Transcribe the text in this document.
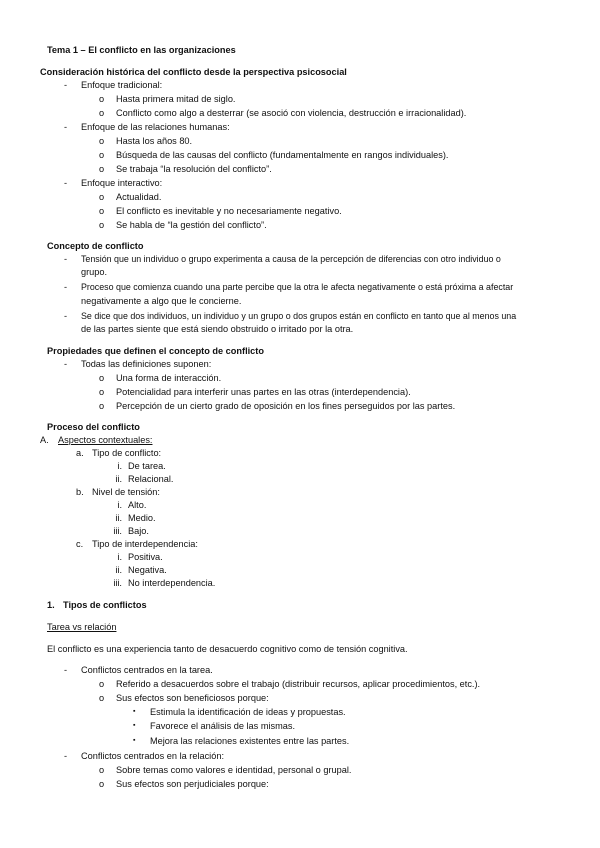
Tema 1 – El conflicto en las organizaciones
Consideración histórica del conflicto desde la perspectiva psicosocial
- Enfoque tradicional:
o Hasta primera mitad de siglo.
o Conflicto como algo a desterrar (se asoció con violencia, destrucción e irracionalidad).
- Enfoque de las relaciones humanas:
o Hasta los años 80.
o Búsqueda de las causas del conflicto (fundamentalmente en rangos individuales).
o Se trabaja “la resolución del conflicto”.
- Enfoque interactivo:
o Actualidad.
o El conflicto es inevitable y no necesariamente negativo.
o Se habla de “la gestión del conflicto”.
Concepto de conflicto
- Tensión que un individuo o grupo experimenta a causa de la percepción de diferencias con otro individuo o
grupo.
- Proceso que comienza cuando una parte percibe que la otra le afecta negativamente o está próxima a afectar
negativamente a algo que le concierne.
- Se dice que dos individuos, un individuo y un grupo o dos grupos están en conflicto en tanto que al menos una
de las partes siente que está siendo obstruido o irritado por la otra.
Propiedades que definen el concepto de conflicto
- Todas las definiciones suponen:
o Una forma de interacción.
o Potencialidad para interferir unas partes en las otras (interdependencia).
o Percepción de un cierto grado de oposición en los fines perseguidos por las partes.
Proceso del conflicto
A. Aspectos contextuales:
a. Tipo de conflicto:
i. De tarea.
ii. Relacional.
b. Nivel de tensión:
i. Alto.
ii. Medio.
iii. Bajo.
c. Tipo de interdependencia:
i. Positiva.
ii. Negativa.
iii. No interdependencia.
1. Tipos de conflictos
Tarea vs relación
El conflicto es una experiencia tanto de desacuerdo cognitivo como de tensión cognitiva.
- Conflictos centrados en la tarea.
o Referido a desacuerdos sobre el trabajo (distribuir recursos, aplicar procedimientos, etc.).
o Sus efectos son beneficiosos porque:
▪ Estimula la identificación de ideas y propuestas.
▪ Favorece el análisis de las mismas.
▪ Mejora las relaciones existentes entre las partes.
- Conflictos centrados en la relación:
o Sobre temas como valores e identidad, personal o grupal.
o Sus efectos son perjudiciales porque:
